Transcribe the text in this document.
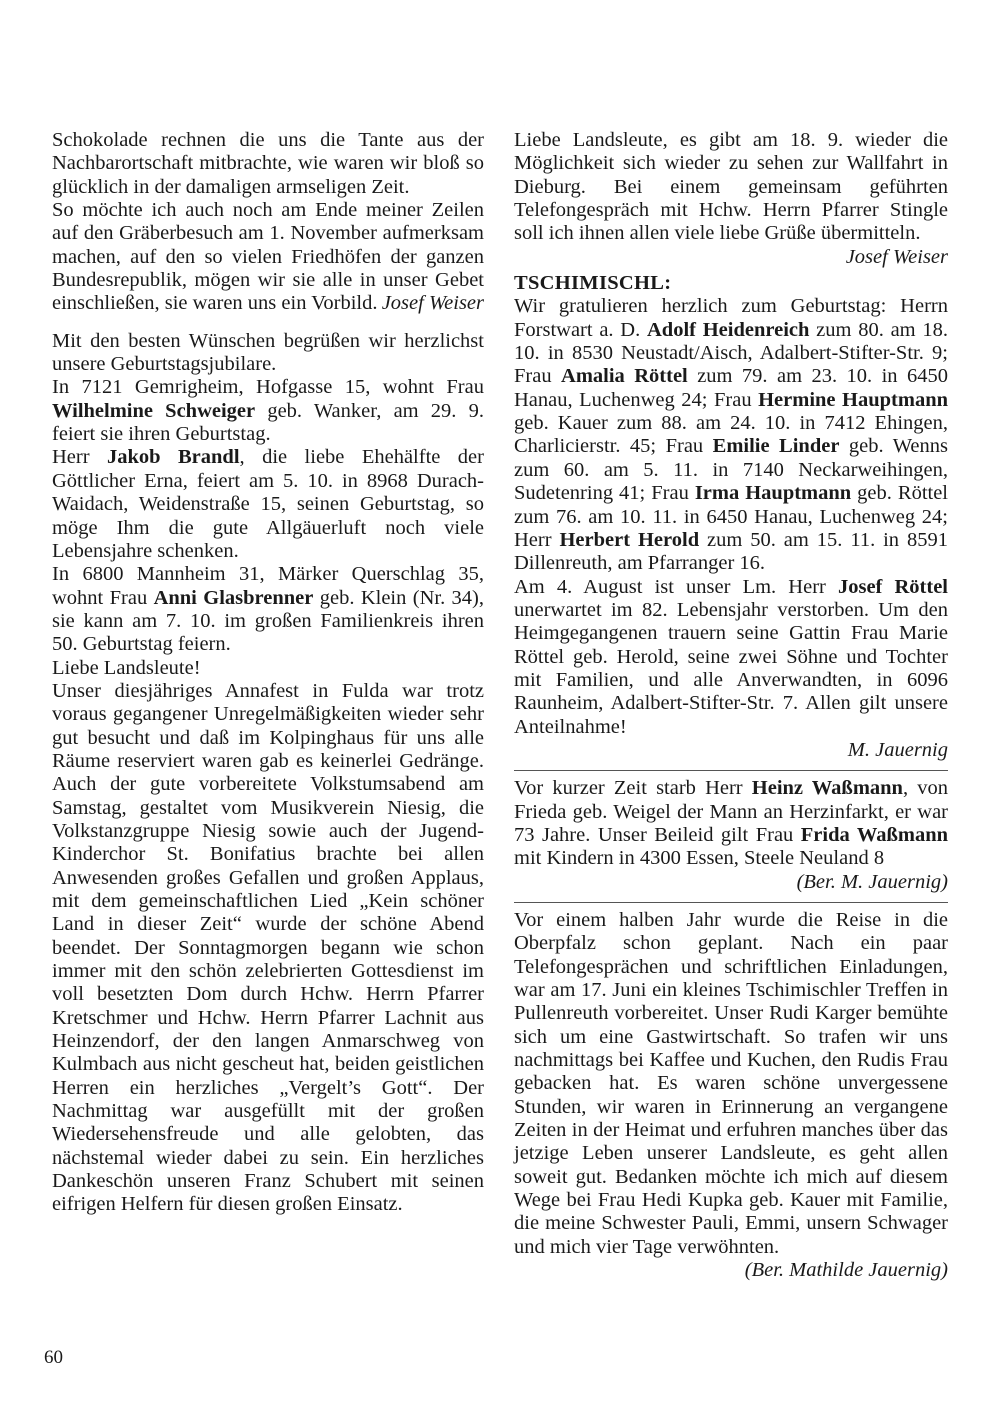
Schokolade rechnen die uns die Tante aus der Nachbarortschaft mitbrachte, wie waren wir bloß so glücklich in der damaligen armseligen Zeit.

So möchte ich auch noch am Ende meiner Zeilen auf den Gräberbesuch am 1. November aufmerksam machen, auf den so vielen Friedhöfen der ganzen Bundesrepublik, mögen wir sie alle in unser Gebet einschließen, sie waren uns ein Vorbild. Josef Weiser

Mit den besten Wünschen begrüßen wir herzlichst unsere Geburtstagsjubilare.

In 7121 Gemrigheim, Hofgasse 15, wohnt Frau Wilhelmine Schweiger geb. Wanker, am 29. 9. feiert sie ihren Geburtstag.

Herr Jakob Brandl, die liebe Ehehälfte der Göttlicher Erna, feiert am 5. 10. in 8968 Durach-Waidach, Weidenstraße 15, seinen Geburtstag, so möge Ihm die gute Allgäuerluft noch viele Lebensjahre schenken.

In 6800 Mannheim 31, Märker Querschlag 35, wohnt Frau Anni Glasbrenner geb. Klein (Nr. 34), sie kann am 7. 10. im großen Familienkreis ihren 50. Geburtstag feiern.

Liebe Landsleute!

Unser diesjähriges Annafest in Fulda war trotz voraus gegangener Unregelmäßigkeiten wieder sehr gut besucht und daß im Kolpinghaus für uns alle Räume reserviert waren gab es keinerlei Gedränge. Auch der gute vorbereitete Volkstumsabend am Samstag, gestaltet vom Musikverein Niesig, die Volkstanzgruppe Niesig sowie auch der Jugend-Kinderchor St. Bonifatius brachte bei allen Anwesenden großes Gefallen und großen Applaus, mit dem gemeinschaftlichen Lied „Kein schöner Land in dieser Zeit“ wurde der schöne Abend beendet. Der Sonntagmorgen begann wie schon immer mit den schön zelebrierten Gottesdienst im voll besetzten Dom durch Hchw. Herrn Pfarrer Kretschmer und Hchw. Herrn Pfarrer Lachnit aus Heinzendorf, der den langen Anmarschweg von Kulmbach aus nicht gescheut hat, beiden geistlichen Herren ein herzliches „Vergelt’s Gott“. Der Nachmittag war ausgefüllt mit der großen Wiedersehensfreude und alle gelobten, das nächstemal wieder dabei zu sein. Ein herzliches Dankeschön unseren Franz Schubert mit seinen eifrigen Helfern für diesen großen Einsatz.

Liebe Landsleute, es gibt am 18. 9. wieder die Möglichkeit sich wieder zu sehen zur Wallfahrt in Dieburg. Bei einem gemeinsam geführten Telefongespräch mit Hchw. Herrn Pfarrer Stingle soll ich ihnen allen viele liebe Grüße übermitteln.

Josef Weiser

TSCHIMISCHL:

Wir gratulieren herzlich zum Geburtstag: Herrn Forstwart a. D. Adolf Heidenreich zum 80. am 18. 10. in 8530 Neustadt/Aisch, Adalbert-Stifter-Str. 9; Frau Amalia Röttel zum 79. am 23. 10. in 6450 Hanau, Luchenweg 24; Frau Hermine Hauptmann geb. Kauer zum 88. am 24. 10. in 7412 Ehingen, Charlicierstr. 45; Frau Emilie Linder geb. Wenns zum 60. am 5. 11. in 7140 Neckarweihingen, Sudetenring 41; Frau Irma Hauptmann geb. Röttel zum 76. am 10. 11. in 6450 Hanau, Luchenweg 24; Herr Herbert Herold zum 50. am 15. 11. in 8591 Dillenreuth, am Pfarranger 16.

Am 4. August ist unser Lm. Herr Josef Röttel unerwartet im 82. Lebensjahr verstorben. Um den Heimgegangenen trauern seine Gattin Frau Marie Röttel geb. Herold, seine zwei Söhne und Tochter mit Familien, und alle Anverwandten, in 6096 Raunheim, Adalbert-Stifter-Str. 7. Allen gilt unsere Anteilnahme!

M. Jauernig

Vor kurzer Zeit starb Herr Heinz Waßmann, von Frieda geb. Weigel der Mann an Herzinfarkt, er war 73 Jahre. Unser Beileid gilt Frau Frida Waßmann mit Kindern in 4300 Essen, Steele Neuland 8
(Ber. M. Jauernig)

Vor einem halben Jahr wurde die Reise in die Oberpfalz schon geplant. Nach ein paar Telefongesprächen und schriftlichen Einladungen, war am 17. Juni ein kleines Tschimischler Treffen in Pullenreuth vorbereitet. Unser Rudi Karger bemühte sich um eine Gastwirtschaft. So trafen wir uns nachmittags bei Kaffee und Kuchen, den Rudis Frau gebacken hat. Es waren schöne unvergessene Stunden, wir waren in Erinnerung an vergangene Zeiten in der Heimat und erfuhren manches über das jetzige Leben unserer Landsleute, es geht allen soweit gut. Bedanken möchte ich mich auf diesem Wege bei Frau Hedi Kupka geb. Kauer mit Familie, die meine Schwester Pauli, Emmi, unsern Schwager und mich vier Tage verwöhnten.

(Ber. Mathilde Jauernig)

60
